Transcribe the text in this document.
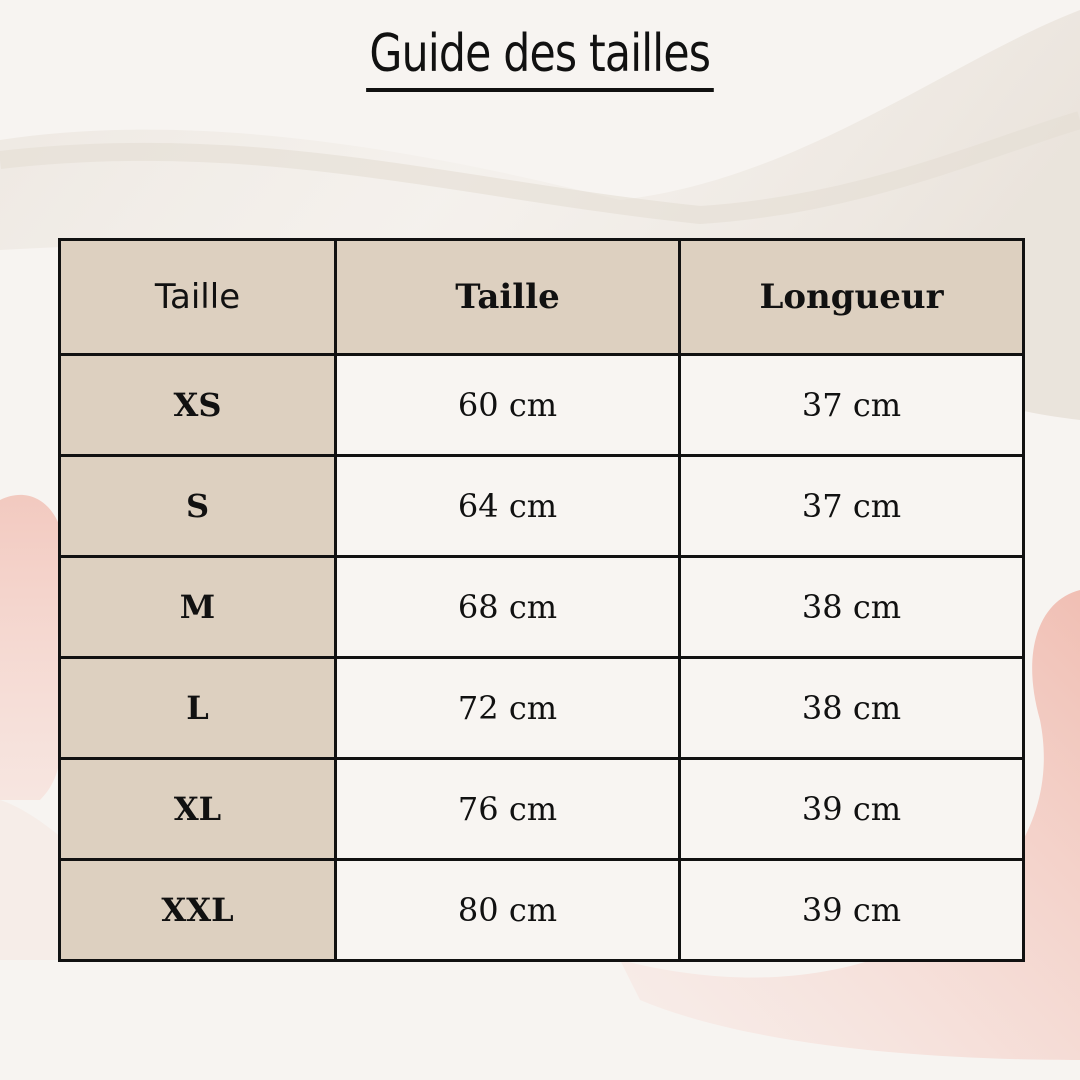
Guide des tailles
Taille	Taille	Longueur
XS	60 cm	37 cm
S	64 cm	37 cm
M	68 cm	38 cm
L	72 cm	38 cm
XL	76 cm	39 cm
XXL	80 cm	39 cm
